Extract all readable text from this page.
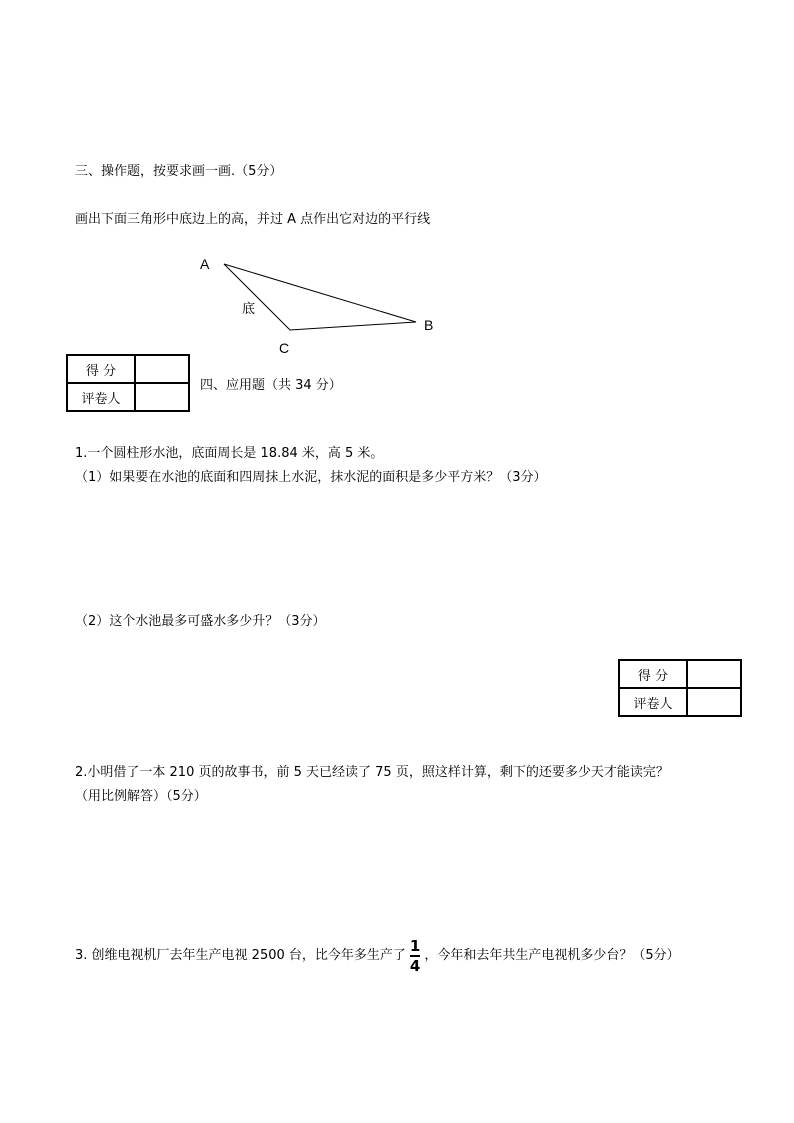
三、操作题，按要求画一画.（5分）
画出下面三角形中底边上的高，并过 A 点作出它对边的平行线
A
B
C
底
得 分	
评卷人	
四、应用题（共 34 分）
1.一个圆柱形水池，底面周长是 18.84 米，高 5 米。
（1）如果要在水池的底面和四周抹上水泥，抹水泥的面积是多少平方米？（3分）
（2）这个水池最多可盛水多少升？（3分）
得 分	
评卷人	
2.小明借了一本 210 页的故事书，前 5 天已经读了 75 页，照这样计算，剩下的还要多少天才能读完？
（用比例解答）（5分）
3. 创维电视机厂去年生产电视 2500 台，比今年多生产了 $\frac{1}{4}$ ，今年和去年共生产电视机多少台？（5分）
